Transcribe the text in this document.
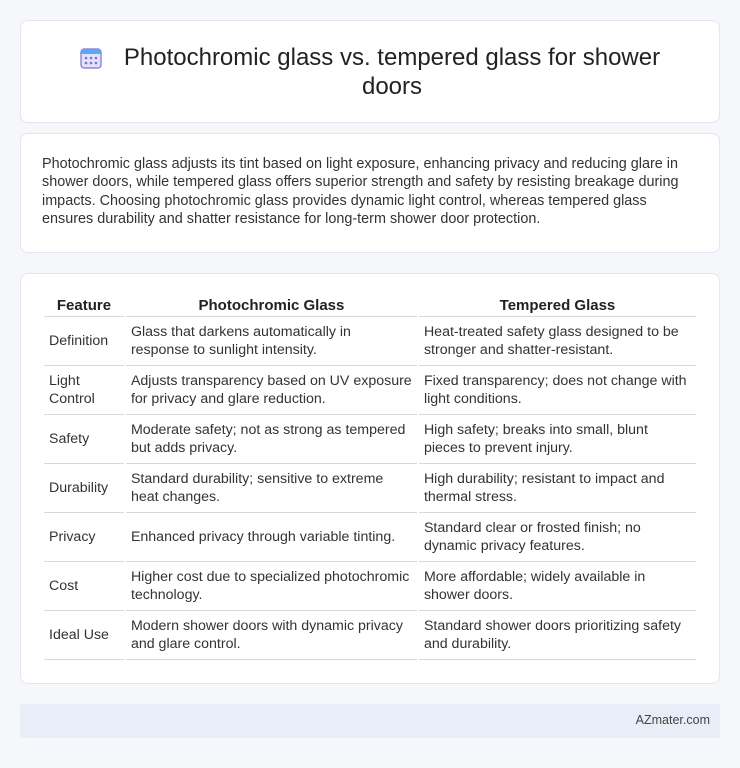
Photochromic glass vs. tempered glass for shower doors

Photochromic glass adjusts its tint based on light exposure, enhancing privacy and reducing glare in shower doors, while tempered glass offers superior strength and safety by resisting breakage during impacts. Choosing photochromic glass provides dynamic light control, whereas tempered glass ensures durability and shatter resistance for long-term shower door protection.

Feature	Photochromic Glass	Tempered Glass
Definition	Glass that darkens automatically in response to sunlight intensity.	Heat-treated safety glass designed to be stronger and shatter-resistant.
Light Control	Adjusts transparency based on UV exposure for privacy and glare reduction.	Fixed transparency; does not change with light conditions.
Safety	Moderate safety; not as strong as tempered but adds privacy.	High safety; breaks into small, blunt pieces to prevent injury.
Durability	Standard durability; sensitive to extreme heat changes.	High durability; resistant to impact and thermal stress.
Privacy	Enhanced privacy through variable tinting.	Standard clear or frosted finish; no dynamic privacy features.
Cost	Higher cost due to specialized photochromic technology.	More affordable; widely available in shower doors.
Ideal Use	Modern shower doors with dynamic privacy and glare control.	Standard shower doors prioritizing safety and durability.
AZmater.com
